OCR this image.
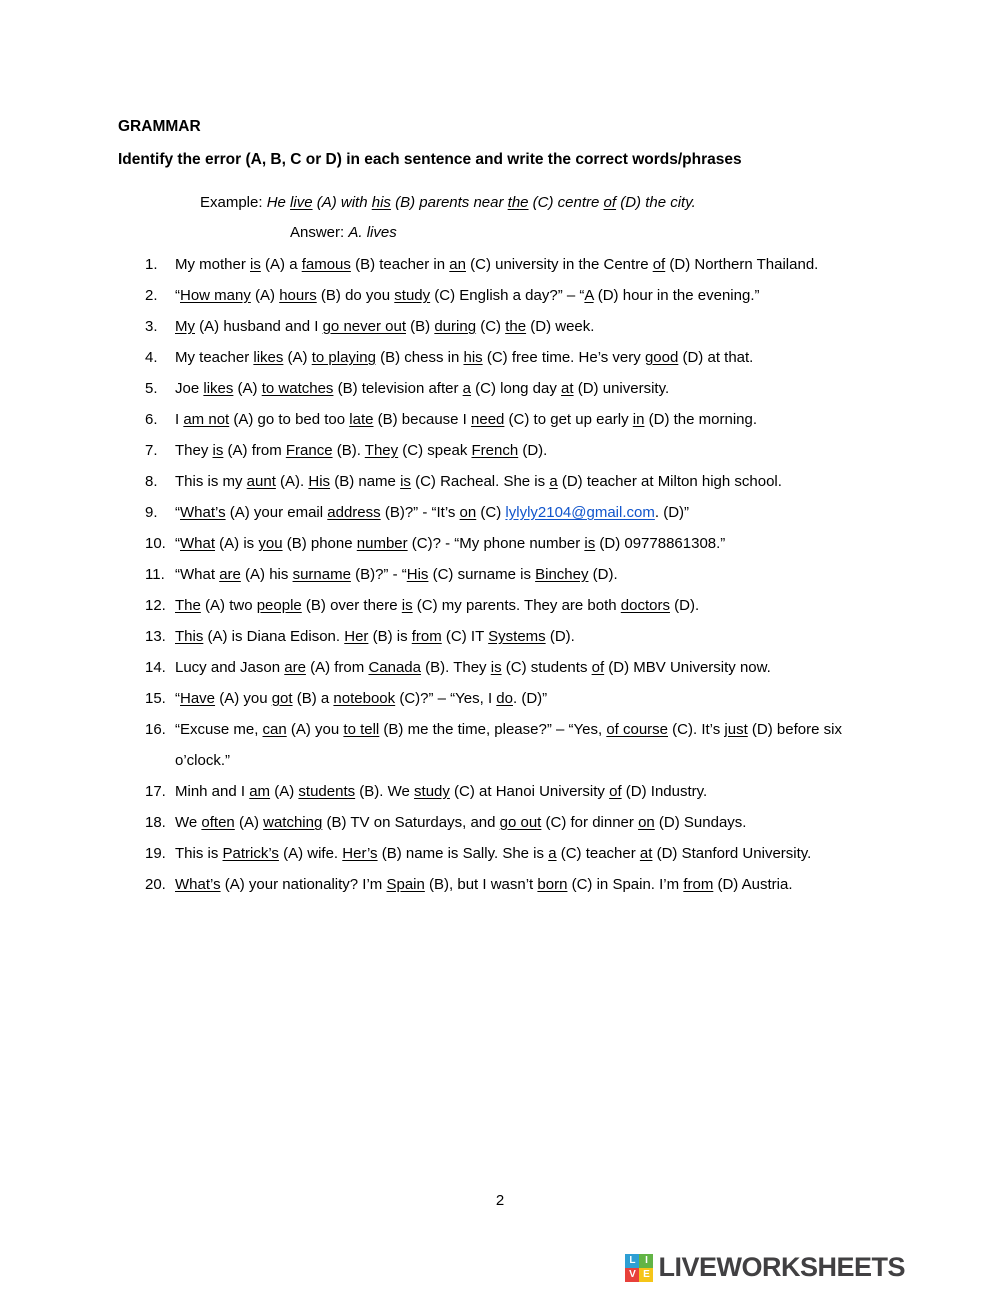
GRAMMAR

Identify the error (A, B, C or D) in each sentence and write the correct words/phrases

Example: He live (A) with his (B) parents near the (C) centre of (D) the city.

Answer: A. lives

1.	My mother is (A) a famous (B) teacher in an (C) university in the Centre of (D) Northern Thailand.
2.	“How many (A) hours (B) do you study (C) English a day?” – “A (D) hour in the evening.”
3.	My (A) husband and I go never out (B) during (C) the (D) week.
4.	My teacher likes (A) to playing (B) chess in his (C) free time. He’s very good (D) at that.
5.	Joe likes (A) to watches (B) television after a (C) long day at (D) university.
6.	I am not (A) go to bed too late (B) because I need (C) to get up early in (D) the morning.
7.	They is (A) from France (B). They (C) speak French (D).
8.	This is my aunt (A). His (B) name is (C) Racheal. She is a (D) teacher at Milton high school.
9.	“What’s (A) your email address (B)?” - “It’s on (C) lylyly2104@gmail.com. (D)”
10. “What (A) is you (B) phone number (C)? - “My phone number is (D) 09778861308.”
11. “What are (A) his surname (B)?” - “His (C) surname is Binchey (D).
12. The (A) two people (B) over there is (C) my parents. They are both doctors (D).
13. This (A) is Diana Edison. Her (B) is from (C) IT Systems (D).
14. Lucy and Jason are (A) from Canada (B). They is (C) students of (D) MBV University now.
15. “Have (A) you got (B) a notebook (C)?” – “Yes, I do. (D)”
16. “Excuse me, can (A) you to tell (B) me the time, please?” – “Yes, of course (C). It’s just (D) before six o’clock.”
17. Minh and I am (A) students (B). We study (C) at Hanoi University of (D) Industry.
18. We often (A) watching (B) TV on Saturdays, and go out (C) for dinner on (D) Sundays.
19. This is Patrick’s (A) wife. Her’s (B) name is Sally. She is a (C) teacher at (D) Stanford University.
20. What’s (A) your nationality? I’m Spain (B), but I wasn’t born (C) in Spain. I’m from (D) Austria.
2
L I
V E LIVEWORKSHEETS
